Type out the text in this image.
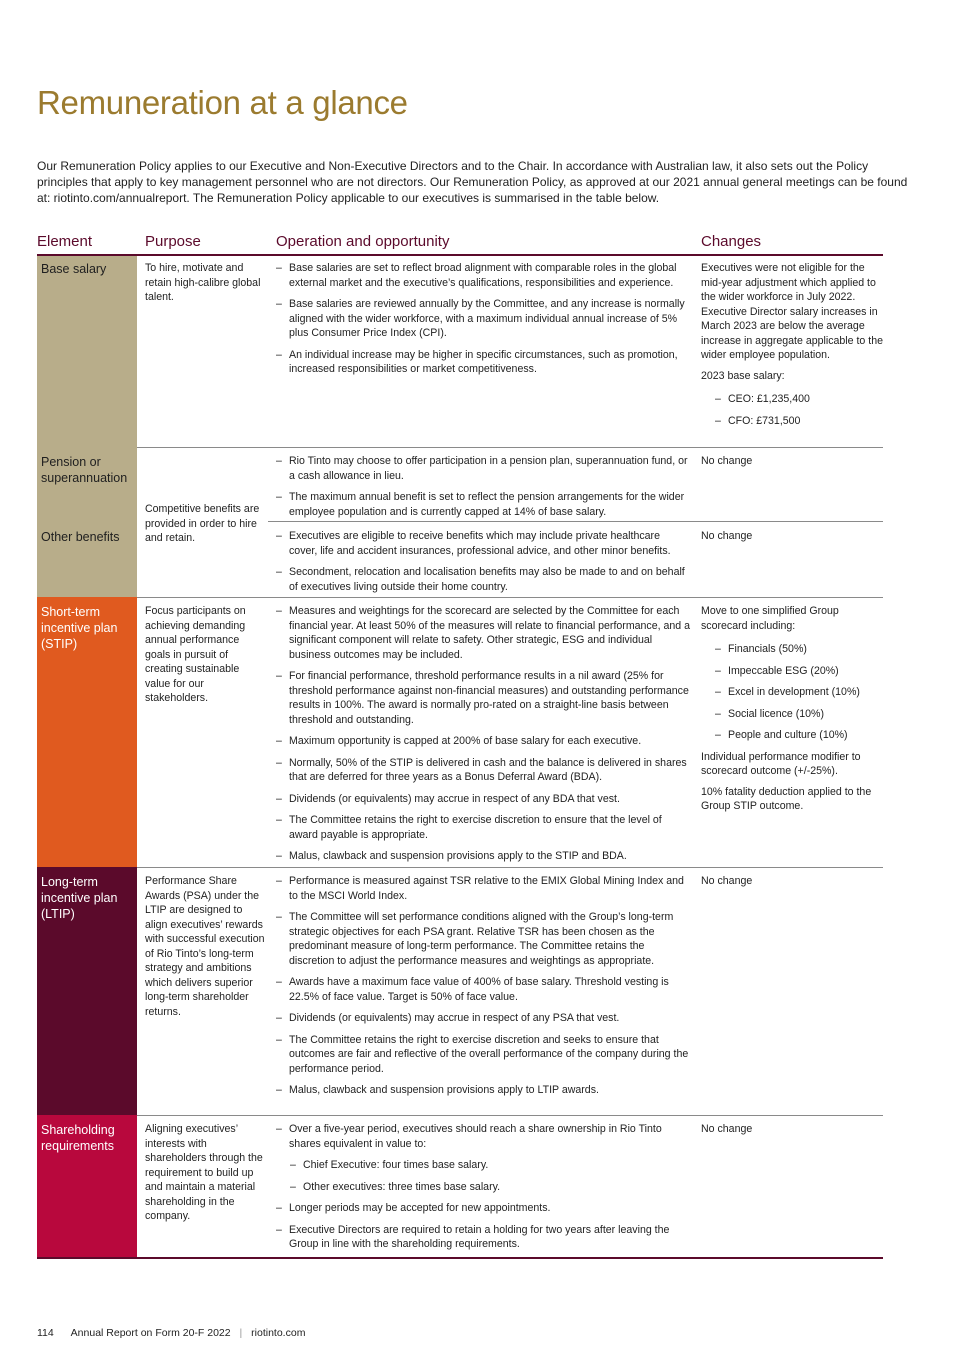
Remuneration at a glance

Our Remuneration Policy applies to our Executive and Non-Executive Directors and to the Chair. In accordance with Australian law, it also sets out the Policy principles that apply to key management personnel who are not directors. Our Remuneration Policy, as approved at our 2021 annual general meetings can be found at: riotinto.com/annualreport. The Remuneration Policy applicable to our executives is summarised in the table below.

Element	Purpose	Operation and opportunity	Changes
Base salary	To hire, motivate and retain high-calibre global talent.
– Base salaries are set to reflect broad alignment with comparable roles in the global external market and the executive’s qualifications, responsibilities and experience.
– Base salaries are reviewed annually by the Committee, and any increase is normally aligned with the wider workforce, with a maximum individual annual increase of 5% plus Consumer Price Index (CPI).
– An individual increase may be higher in specific circumstances, such as promotion, increased responsibilities or market competitiveness.

Executives were not eligible for the mid-year adjustment which applied to the wider workforce in July 2022. Executive Director salary increases in March 2023 are below the average increase in aggregate applicable to the wider employee population.

2023 base salary:

– CEO: £1,235,400
– CFO: £731,500
Pension or superannuation
Competitive benefits are provided in order to hire and retain.
– Rio Tinto may choose to offer participation in a pension plan, superannuation fund, or a cash allowance in lieu.
– The maximum annual benefit is set to reflect the pension arrangements for the wider employee population and is currently capped at 14% of base salary.
No change
Other benefits
–	Executives are eligible to receive benefits which may include private healthcare cover, life and accident insurances, professional advice, and other minor benefits.
– Secondment, relocation and localisation benefits may also be made to and on behalf of executives living outside their home country.
No change
Short-term incentive plan (STIP)
Focus participants on achieving demanding annual performance goals in pursuit of creating sustainable value for our stakeholders.
– Measures and weightings for the scorecard are selected by the Committee for each financial year. At least 50% of the measures will relate to financial performance, and a significant component will relate to safety. Other strategic, ESG and individual business outcomes may be included.
– For financial performance, threshold performance results in a nil award (25% for threshold performance against non-financial measures) and outstanding performance results in 100%. The award is normally pro-rated on a straight-line basis between threshold and outstanding.
– Maximum opportunity is capped at 200% of base salary for each executive.
– Normally, 50% of the STIP is delivered in cash and the balance is delivered in shares that are deferred for three years as a Bonus Deferral Award (BDA).
– Dividends (or equivalents) may accrue in respect of any BDA that vest.
– The Committee retains the right to exercise discretion to ensure that the level of award payable is appropriate.
– Malus, clawback and suspension provisions apply to the STIP and BDA.

Move to one simplified Group scorecard including:

– Financials (50%)
– Impeccable ESG (20%)
– Excel in development (10%)
– Social licence (10%)
– People and culture (10%)

Individual performance modifier to scorecard outcome (+/-25%).

10% fatality deduction applied to the Group STIP outcome.

Long-term incentive plan (LTIP)
Performance Share Awards (PSA) under the LTIP are designed to align executives’ rewards with successful execution of Rio Tinto’s long-term strategy and ambitions which delivers superior long-term shareholder returns.
– Performance is measured against TSR relative to the EMIX Global Mining Index and to the MSCI World Index.
– The Committee will set performance conditions aligned with the Group’s long-term strategic objectives for each PSA grant. Relative TSR has been chosen as the predominant measure of long-term performance. The Committee retains the discretion to adjust the performance measures and weightings as appropriate.
– Awards have a maximum face value of 400% of base salary. Threshold vesting is 22.5% of face value. Target is 50% of face value.
– Dividends (or equivalents) may accrue in respect of any PSA that vest.
– The Committee retains the right to exercise discretion and seeks to ensure that outcomes are fair and reflective of the overall performance of the company during the performance period.
– Malus, clawback and suspension provisions apply to LTIP awards.
No change
Shareholding requirements
Aligning executives’ interests with shareholders through the requirement to build up and maintain a material shareholding in the company.
– Over a five-year period, executives should reach a share ownership in Rio Tinto shares equivalent in value to:
– Chief Executive: four times base salary.
– Other executives: three times base salary.
– Longer periods may be accepted for new appointments.
– Executive Directors are required to retain a holding for two years after leaving the Group in line with the shareholding requirements.
No change
114 Annual Report on Form 20-F 2022 | riotinto.com
